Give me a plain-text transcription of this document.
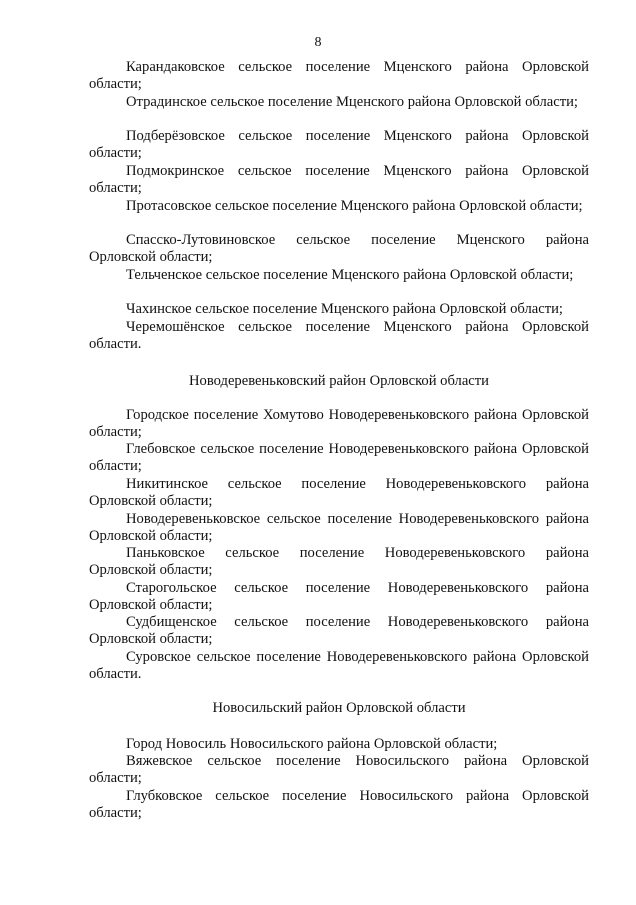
8
Карандаковское сельское поселение Мценского района Орловской области;
Отрадинское сельское поселение Мценского района Орловской области;
Подберёзовское сельское поселение Мценского района Орловской области;
Подмокринское сельское поселение Мценского района Орловской области;
Протасовское сельское поселение Мценского района Орловской области;
Спасско-Лутовиновское сельское поселение Мценского района Орловской области;
Тельченское сельское поселение Мценского района Орловской области;
Чахинское сельское поселение Мценского района Орловской области;
Черемошёнское сельское поселение Мценского района Орловской области.
Новодеревеньковский район Орловской области
Городское поселение Хомутово Новодеревеньковского района Орловской области;
Глебовское сельское поселение Новодеревеньковского района Орловской области;
Никитинское сельское поселение Новодеревеньковского района Орловской области;
Новодеревеньковское сельское поселение Новодеревеньковского района Орловской области;
Паньковское сельское поселение Новодеревеньковского района Орловской области;
Старогольское сельское поселение Новодеревеньковского района Орловской области;
Судбищенское сельское поселение Новодеревеньковского района Орловской области;
Суровское сельское поселение Новодеревеньковского района Орловской области.
Новосильский район Орловской области
Город Новосиль Новосильского района Орловской области;
Вяжевское сельское поселение Новосильского района Орловской области;
Глубковское сельское поселение Новосильского района Орловской области;
